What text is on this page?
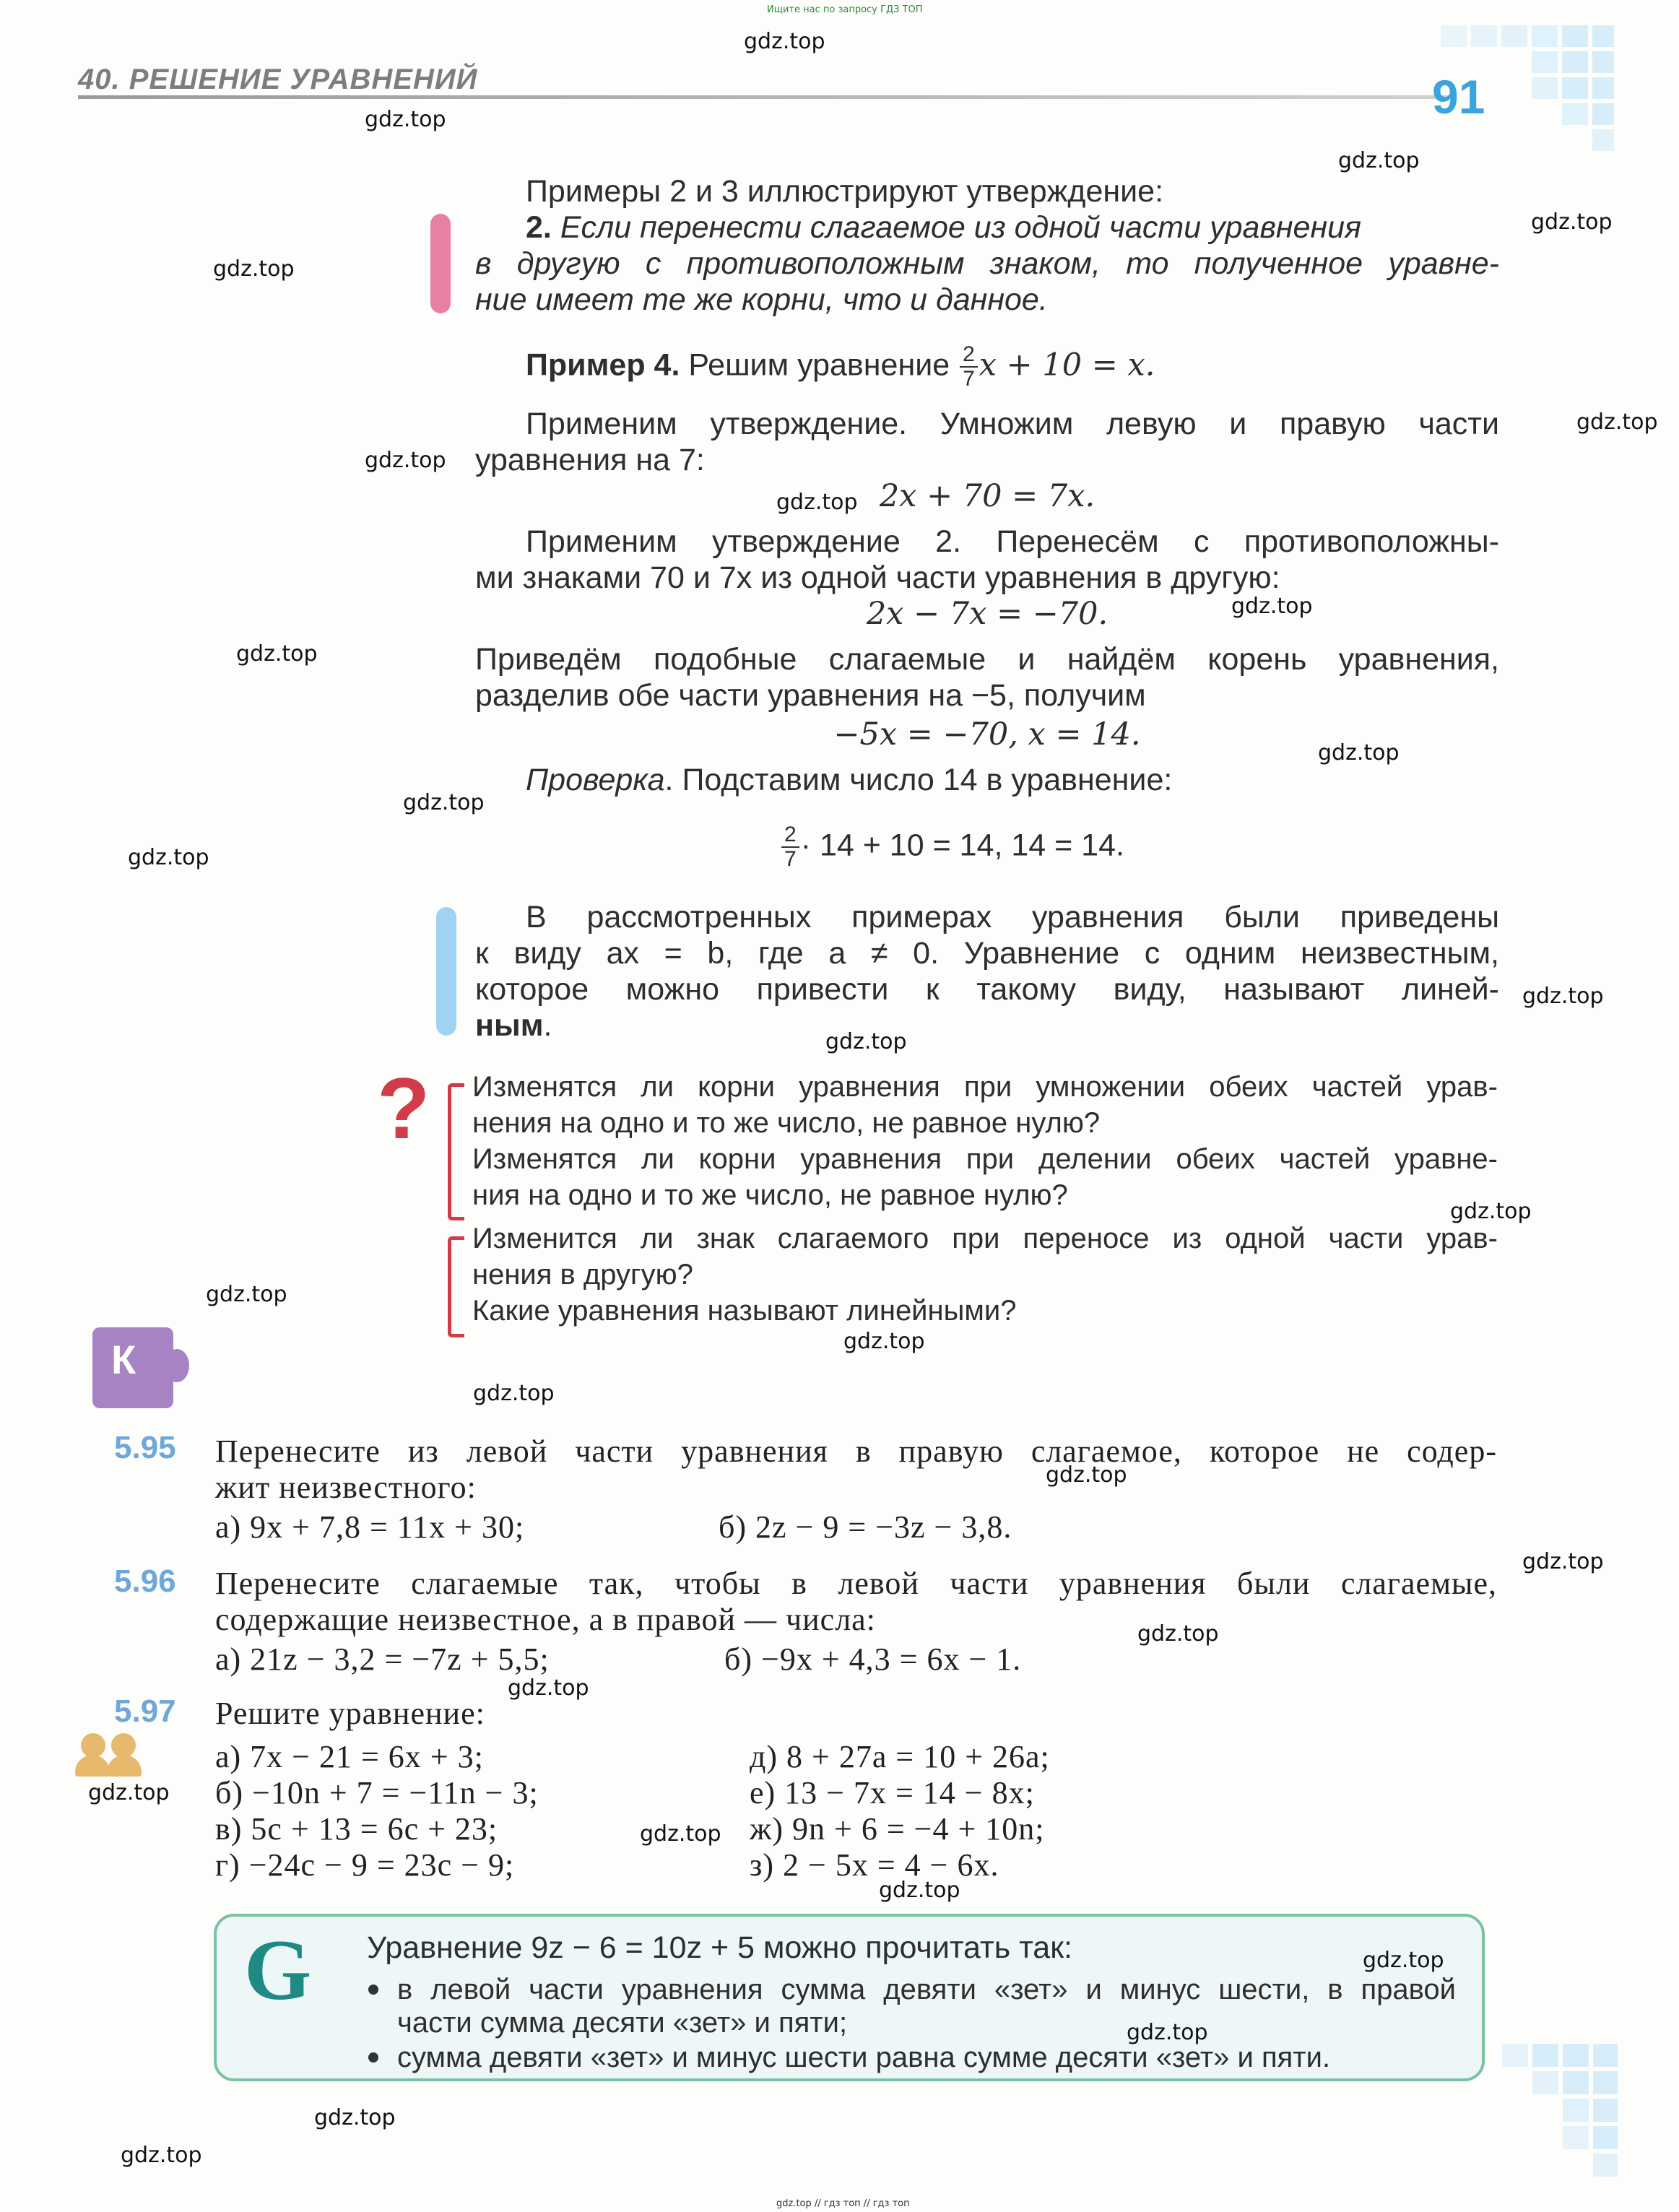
Ищите нас по запросу ГДЗ ТОП
gdz.top // гдз топ // гдз топ
40. РЕШЕНИЕ УРАВНЕНИЙ	91
Примеры 2 и 3 иллюстрируют утверждение:
2. Если перенести слагаемое из одной части уравнения
в другую с противоположным знаком, то полученное уравне-
ние имеет те же корни, что и данное.
Пример 4. Решим уравнение $\frac{2}{7}$ x + 10 = x.
Применим утверждение. Умножим левую и правую части
уравнения на 7:
2x + 70 = 7x.
Применим утверждение 2. Перенесём с противоположны-
ми знаками 70 и 7x из одной части уравнения в другую:
2x − 7x = −70.
Приведём подобные слагаемые и найдём корень уравнения,
разделив обе части уравнения на −5, получим
−5x = −70, x = 14.
Проверка. Подставим число 14 в уравнение:
$\frac{2}{7} \cdot 14 + 10 = 14$, 14 = 14.
В рассмотренных примерах уравнения были приведены
к виду ax = b, где a ≠ 0. Уравнение с одним неизвестным,
которое можно привести к такому виду, называют линей-
ным.
? Изменятся ли корни уравнения при умножении обеих частей урав-
нения на одно и то же число, не равное нулю?
Изменятся ли корни уравнения при делении обеих частей уравне-
ния на одно и то же число, не равное нулю?
Изменится ли знак слагаемого при переносе из одной части урав-
нения в другую?
Какие уравнения называют линейными?
К
5.95 Перенесите из левой части уравнения в правую слагаемое, которое не содер-
жит неизвестного:
а) 9x + 7,8 = 11x + 30;	б) 2z − 9 = −3z − 3,8.
5.96 Перенесите слагаемые так, чтобы в левой части уравнения были слагаемые,
содержащие неизвестное, а в правой — числа:
а) 21z − 3,2 = −7z + 5,5;	б) −9x + 4,3 = 6x − 1.
5.97 Решите уравнение:
а) 7x − 21 = 6x + 3;
б) −10n + 7 = −11n − 3;
в) 5c + 13 = 6c + 23;
г) −24c − 9 = 23c − 9;
д) 8 + 27a = 10 + 26a;
е) 13 − 7x = 14 − 8x;
ж) 9n + 6 = −4 + 10n;
з) 2 − 5x = 4 − 6x.
G Уравнение 9z − 6 = 10z + 5 можно прочитать так:
в левой части уравнения сумма девяти «зет» и минус шести, в правой
части сумма десяти «зет» и пяти;
сумма девяти «зет» и минус шести равна сумме десяти «зет» и пяти.
gdz.top
gdz.top
gdz.top
gdz.top
gdz.top
gdz.top
gdz.top
gdz.top
gdz.top
gdz.top
gdz.top
gdz.top
gdz.top
gdz.top
gdz.top
gdz.top
gdz.top
gdz.top
gdz.top
gdz.top
gdz.top
gdz.top
gdz.top
gdz.top
gdz.top
gdz.top
gdz.top
gdz.top
gdz.top
gdz.top
